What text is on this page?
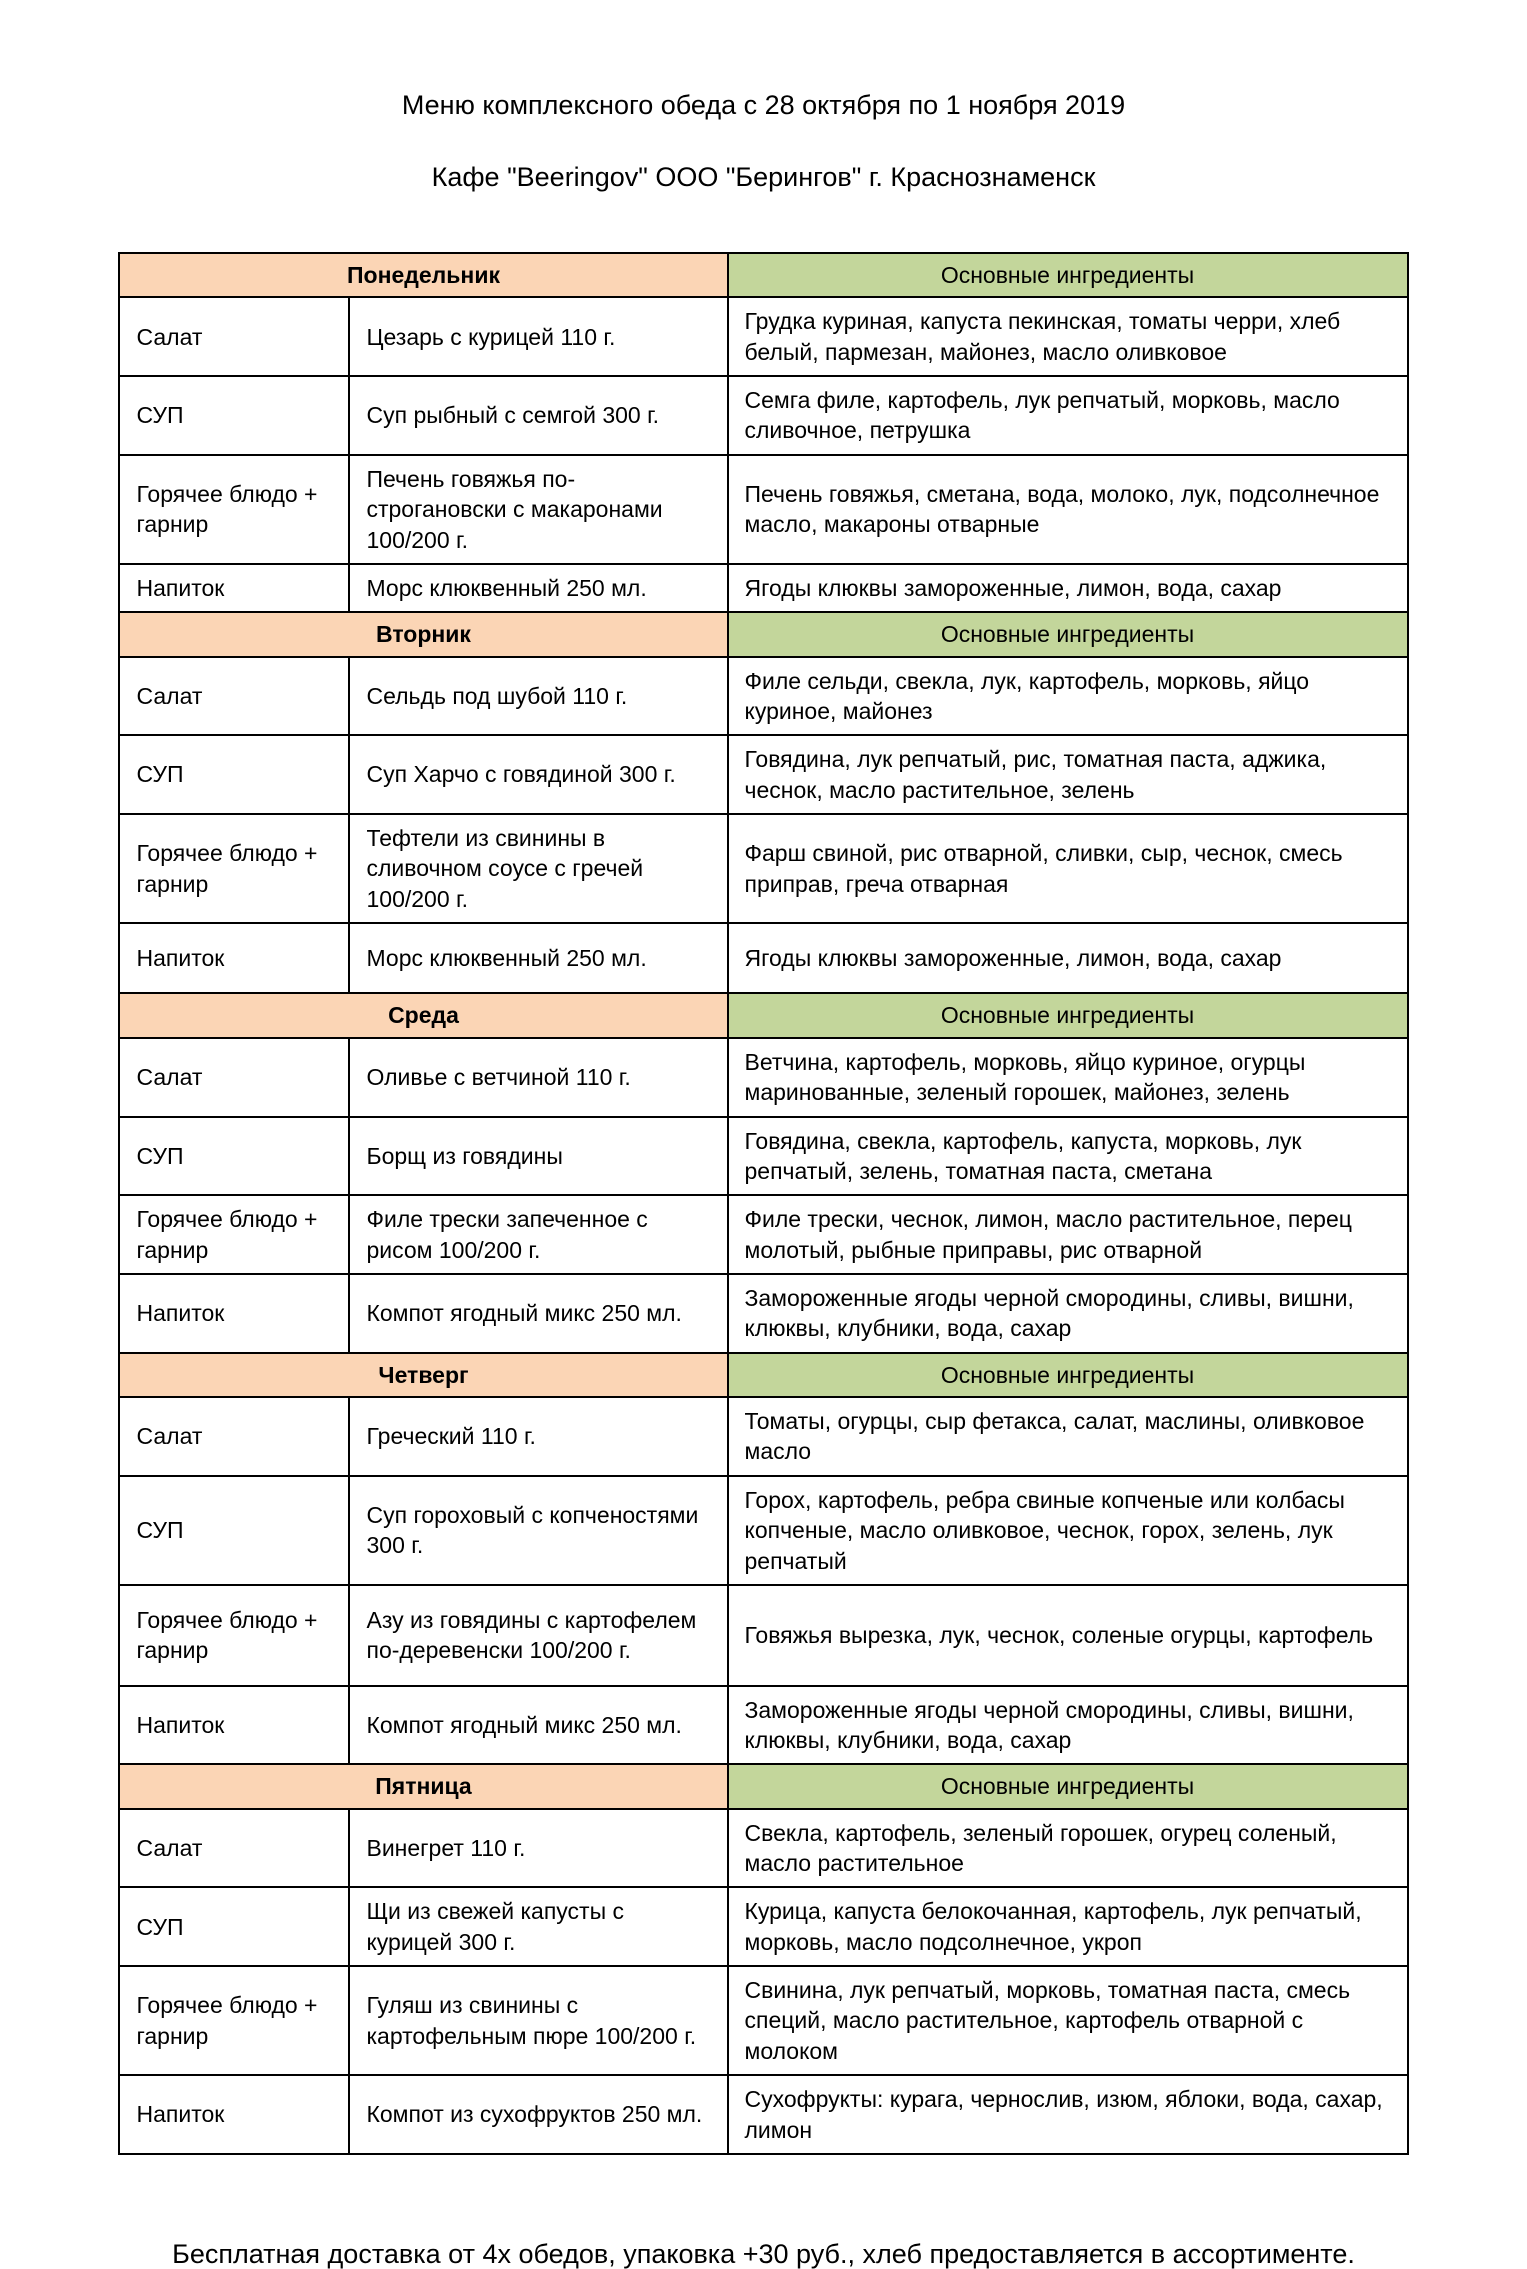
Меню комплексного обеда с 28 октября по 1 ноября 2019
Кафе "Beeringov" ООО "Берингов" г. Краснознаменск
Понедельник		Основные ингредиенты
Салат	Цезарь с курицей 110 г.	Грудка куриная, капуста пекинская, томаты черри, хлеб белый, пармезан, майонез, масло оливковое
СУП	Суп рыбный с семгой 300 г.	Семга филе, картофель, лук репчатый, морковь, масло сливочное, петрушка
Горячее блюдо + гарнир	Печень говяжья по-строгановски с макаронами 100/200 г.	Печень говяжья, сметана, вода, молоко, лук, подсолнечное масло, макароны отварные
Напиток	Морс клюквенный 250 мл.	Ягоды клюквы замороженные, лимон, вода, сахар
Вторник		Основные ингредиенты
Салат	Сельдь под шубой 110 г.	Филе сельди, свекла, лук, картофель, морковь, яйцо куриное, майонез
СУП	Суп Харчо с говядиной 300 г.	Говядина, лук репчатый, рис, томатная паста, аджика, чеснок, масло растительное, зелень
Горячее блюдо + гарнир	Тефтели из свинины в сливочном соусе с гречей 100/200 г.	Фарш свиной, рис отварной, сливки, сыр, чеснок, смесь приправ, греча отварная
Напиток	Морс клюквенный 250 мл.	Ягоды клюквы замороженные, лимон, вода, сахар
Среда		Основные ингредиенты
Салат	Оливье с ветчиной 110 г.	Ветчина, картофель, морковь, яйцо куриное, огурцы маринованные, зеленый горошек, майонез, зелень
СУП	Борщ из говядины	Говядина, свекла, картофель, капуста, морковь, лук репчатый, зелень, томатная паста, сметана
Горячее блюдо + гарнир	Филе трески запеченное с рисом 100/200 г.	Филе трески, чеснок, лимон, масло растительное, перец молотый, рыбные приправы, рис отварной
Напиток	Компот ягодный микс 250 мл.	Замороженные ягоды черной смородины, сливы, вишни, клюквы, клубники, вода, сахар
Четверг		Основные ингредиенты
Салат	Греческий 110 г.	Томаты, огурцы, сыр фетакса, салат, маслины, оливковое масло
СУП	Суп гороховый с копченостями 300 г.	Горох, картофель, ребра свиные копченые или колбасы копченые, масло оливковое, чеснок, горох, зелень, лук репчатый
Горячее блюдо + гарнир	Азу из говядины с картофелем по-деревенски 100/200 г.	Говяжья вырезка, лук, чеснок, соленые огурцы, картофель
Напиток	Компот ягодный микс 250 мл.	Замороженные ягоды черной смородины, сливы, вишни, клюквы, клубники, вода, сахар
Пятница		Основные ингредиенты
Салат	Винегрет 110 г.	Свекла, картофель, зеленый горошек, огурец соленый, масло растительное
СУП	Щи из свежей капусты с курицей 300 г.	Курица, капуста белокочанная, картофель, лук репчатый, морковь, масло подсолнечное, укроп
Горячее блюдо + гарнир	Гуляш из свинины с картофельным пюре 100/200 г.	Свинина, лук репчатый, морковь, томатная паста, смесь специй, масло растительное, картофель отварной с молоком
Напиток	Компот из сухофруктов 250 мл.	Сухофрукты: курага, чернослив, изюм, яблоки, вода, сахар, лимон
Бесплатная доставка от 4х обедов, упаковка +30 руб., хлеб предоставляется в ассортименте.
